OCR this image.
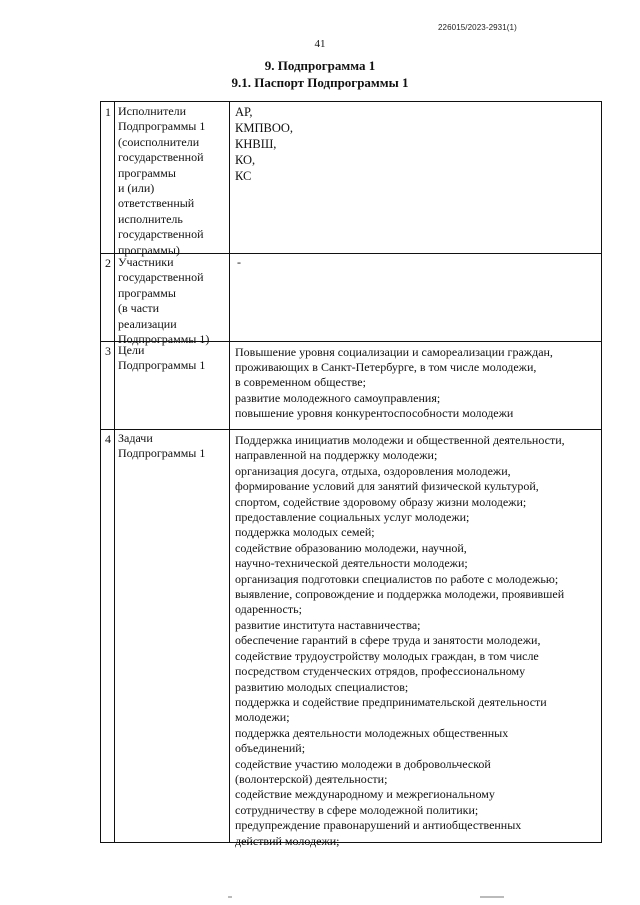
226015/2023-2931(1)
41
9. Подпрограмма 1
9.1. Паспорт Подпрограммы 1
1 Исполнители
Подпрограммы 1
(соисполнители
государственной
программы
и (или)
ответственный
исполнитель
государственной
программы)
АР,
КМПВОО,
КНВШ,
КО,
КС
2 Участники
государственной
программы
(в части
реализации
Подпрограммы 1)
-
3 Цели
Подпрограммы 1
Повышение уровня социализации и самореализации граждан,
проживающих в Санкт-Петербурге, в том числе молодежи,
в современном обществе;
развитие молодежного самоуправления;
повышение уровня конкурентоспособности молодежи
4 Задачи
Подпрограммы 1
Поддержка инициатив молодежи и общественной деятельности,
направленной на поддержку молодежи;
организация досуга, отдыха, оздоровления молодежи,
формирование условий для занятий физической культурой,
спортом, содействие здоровому образу жизни молодежи;
предоставление социальных услуг молодежи;
поддержка молодых семей;
содействие образованию молодежи, научной,
научно-технической деятельности молодежи;
организация подготовки специалистов по работе с молодежью;
выявление, сопровождение и поддержка молодежи, проявившей
одаренность;
развитие института наставничества;
обеспечение гарантий в сфере труда и занятости молодежи,
содействие трудоустройству молодых граждан, в том числе
посредством студенческих отрядов, профессиональному
развитию молодых специалистов;
поддержка и содействие предпринимательской деятельности
молодежи;
поддержка деятельности молодежных общественных
объединений;
содействие участию молодежи в добровольческой
(волонтерской) деятельности;
содействие международному и межрегиональному
сотрудничеству в сфере молодежной политики;
предупреждение правонарушений и антиобщественных
действий молодежи;
